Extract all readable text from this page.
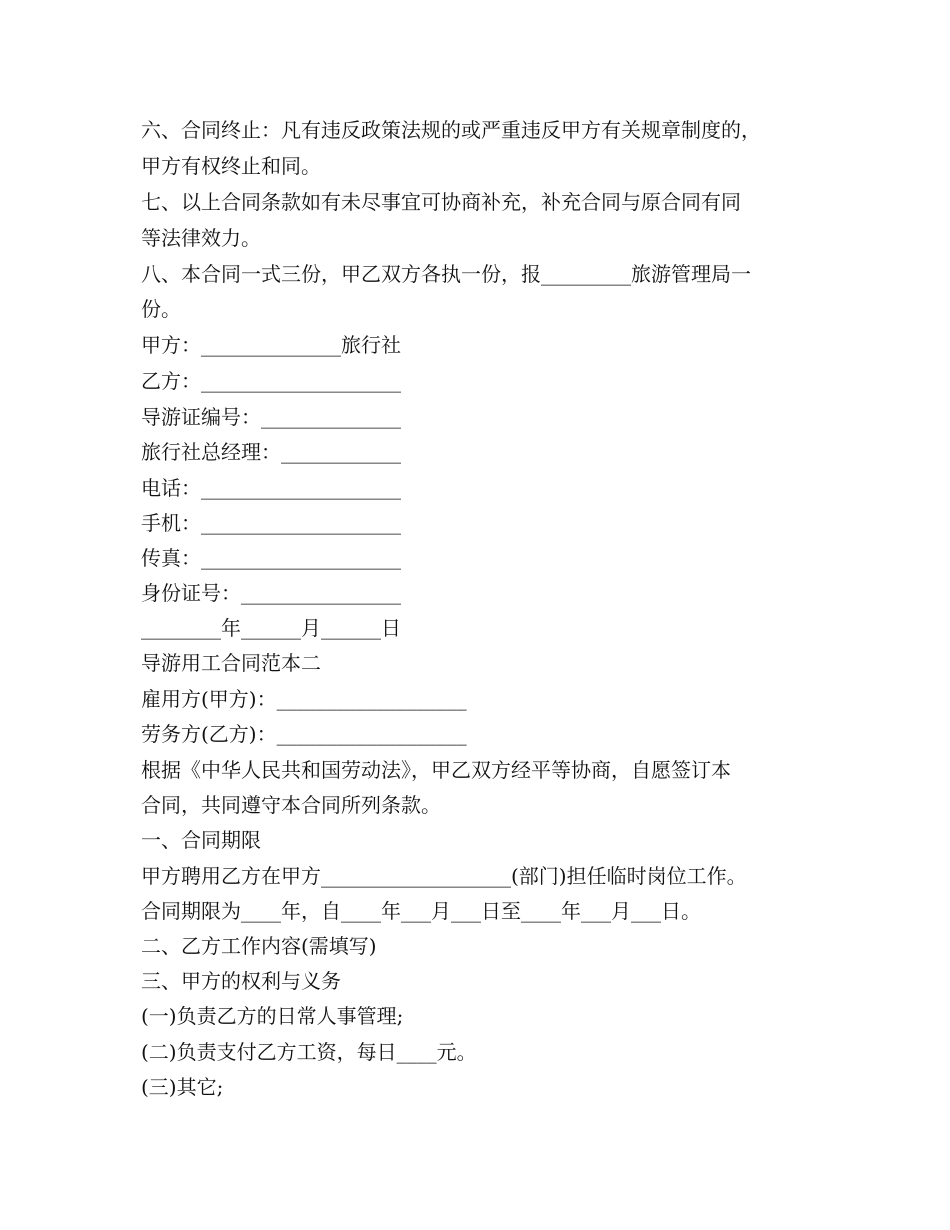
六、合同终止：凡有违反政策法规的或严重违反甲方有关规章制度的，
甲方有权终止和同。
七、以上合同条款如有未尽事宜可协商补充，补充合同与原合同有同
等法律效力。
八、本合同一式三份，甲乙双方各执一份，报_________旅游管理局一
份。
甲方：______________旅行社
乙方：____________________
导游证编号：______________
旅行社总经理：____________
电话：____________________
手机：____________________
传真：____________________
身份证号：________________
________年______月______日
导游用工合同范本二
雇用方(甲方)：___________________
劳务方(乙方)：___________________
根据《中华人民共和国劳动法》，甲乙双方经平等协商，自愿签订本
合同，共同遵守本合同所列条款。
一、合同期限
甲方聘用乙方在甲方___________________(部门)担任临时岗位工作。
合同期限为____年，自____年___月___日至____年___月___日。
二、乙方工作内容(需填写)
三、甲方的权利与义务
(一)负责乙方的日常人事管理;
(二)负责支付乙方工资，每日____元。
(三)其它;
